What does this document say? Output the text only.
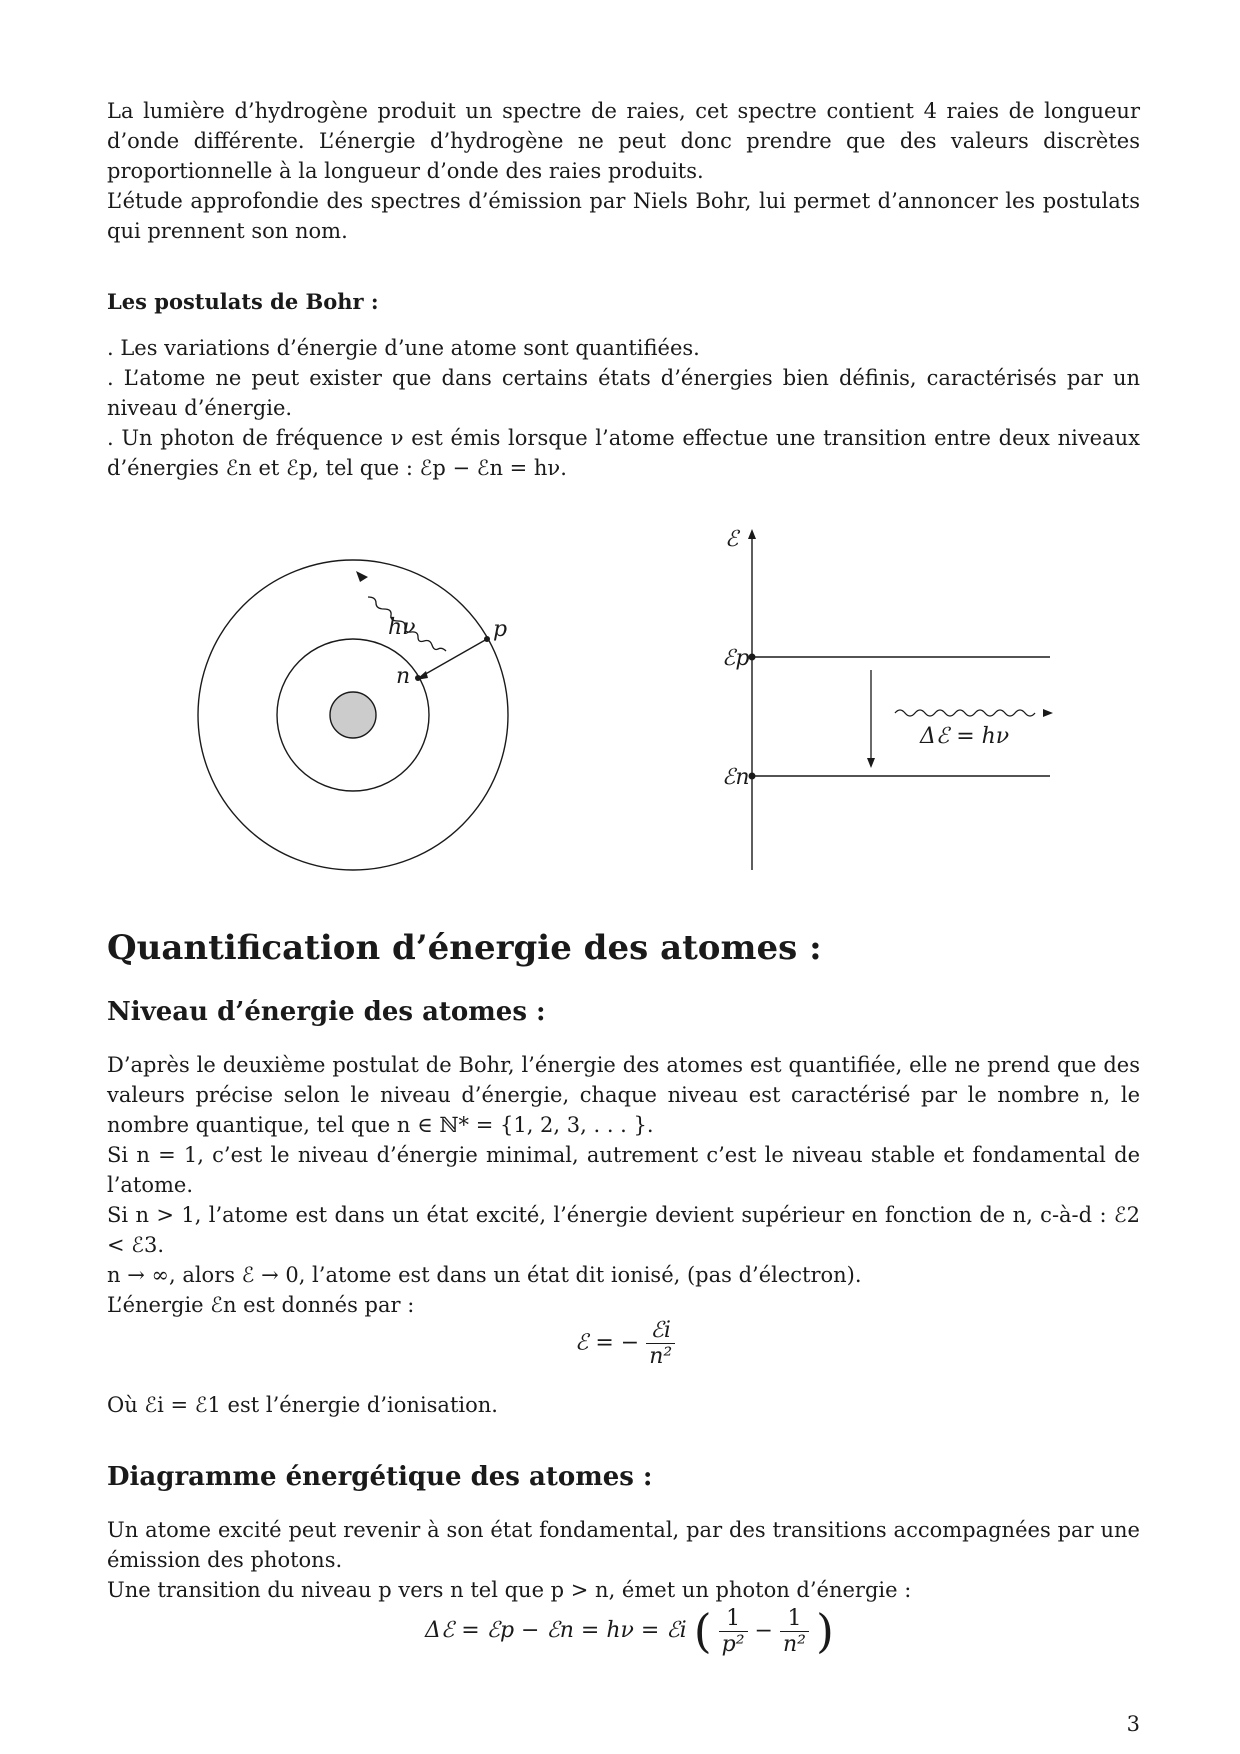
La lumière d’hydrogène produit un spectre de raies, cet spectre contient 4 raies de longueur d’onde différente. L’énergie d’hydrogène ne peut donc prendre que des valeurs discrètes proportionnelle à la longueur d’onde des raies produits.

L’étude approfondie des spectres d’émission par Niels Bohr, lui permet d’annoncer les postulats qui prennent son nom.

Les postulats de Bohr :

. Les variations d’énergie d’une atome sont quantifiées.

. L’atome ne peut exister que dans certains états d’énergies bien définis, caractérisés par un niveau d’énergie.

. Un photon de fréquence ν est émis lorsque l’atome effectue une transition entre deux niveaux d’énergies ℰn et ℰp, tel que : ℰp − ℰn = hν.

hν	p
n
ℰ
ℰp
ℰn
Δℰ = hν
Quantification d’énergie des atomes :
Niveau d’énergie des atomes :

D’après le deuxième postulat de Bohr, l’énergie des atomes est quantifiée, elle ne prend que des valeurs précise selon le niveau d’énergie, chaque niveau est caractérisé par le nombre n, le nombre quantique, tel que n ∈ ℕ* = {1, 2, 3, . . . }.

Si n = 1, c’est le niveau d’énergie minimal, autrement c’est le niveau stable et fondamental de l’atome.

Si n > 1, l’atome est dans un état excité, l’énergie devient supérieur en fonction de n, c-à-d : ℰ2 < ℰ3.

n → ∞, alors ℰ → 0, l’atome est dans un état dit ionisé, (pas d’électron).

L’énergie ℰn est donnés par :

ℰ = − $\frac{\text{ℰi}}{\text{n²}}$

Où ℰi = ℰ1 est l’énergie d’ionisation.

Diagramme énergétique des atomes :

Un atome excité peut revenir à son état fondamental, par des transitions accompagnées par une émission des photons.

Une transition du niveau p vers n tel que p > n, émet un photon d’énergie :

Δℰ = ℰp − ℰn = hν = ℰi ( $\frac{1}{\text{p²}} - \frac{1}{\text{n²}}$ )
3
